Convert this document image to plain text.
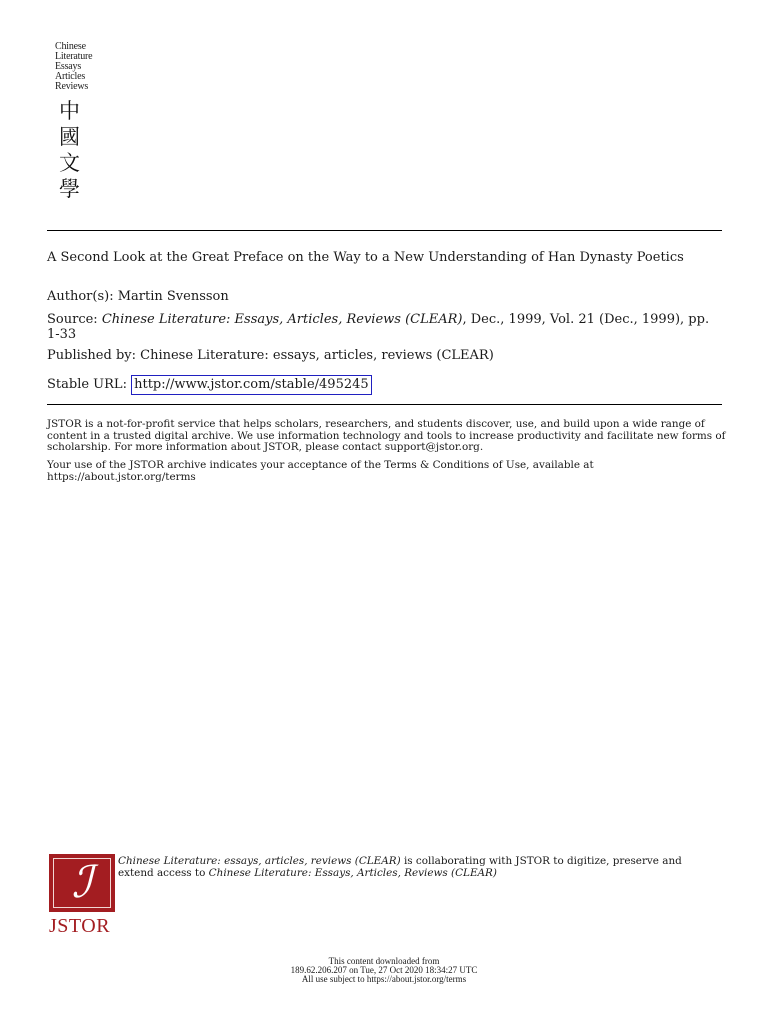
Chinese
Literature
Essays
Articles
Reviews
中
國
文
學

A Second Look at the Great Preface on the Way to a New Understanding of Han Dynasty Poetics

Author(s): Martin Svensson
Source: Chinese Literature: Essays, Articles, Reviews (CLEAR), Dec., 1999, Vol. 21 (Dec., 1999), pp. 1-33
Published by: Chinese Literature: essays, articles, reviews (CLEAR)
Stable URL: http://www.jstor.com/stable/495245
JSTOR is a not-for-profit service that helps scholars, researchers, and students discover, use, and build upon a wide range of content in a trusted digital archive. We use information technology and tools to increase productivity and facilitate new forms of scholarship. For more information about JSTOR, please contact support@jstor.org.
Your use of the JSTOR archive indicates your acceptance of the Terms & Conditions of Use, available at https://about.jstor.org/terms
ℐ
JSTOR
Chinese Literature: essays, articles, reviews (CLEAR) is collaborating with JSTOR to digitize, preserve and extend access to Chinese Literature: Essays, Articles, Reviews (CLEAR)
This content downloaded from
189.62.206.207 on Tue, 27 Oct 2020 18:34:27 UTC
All use subject to https://about.jstor.org/terms
